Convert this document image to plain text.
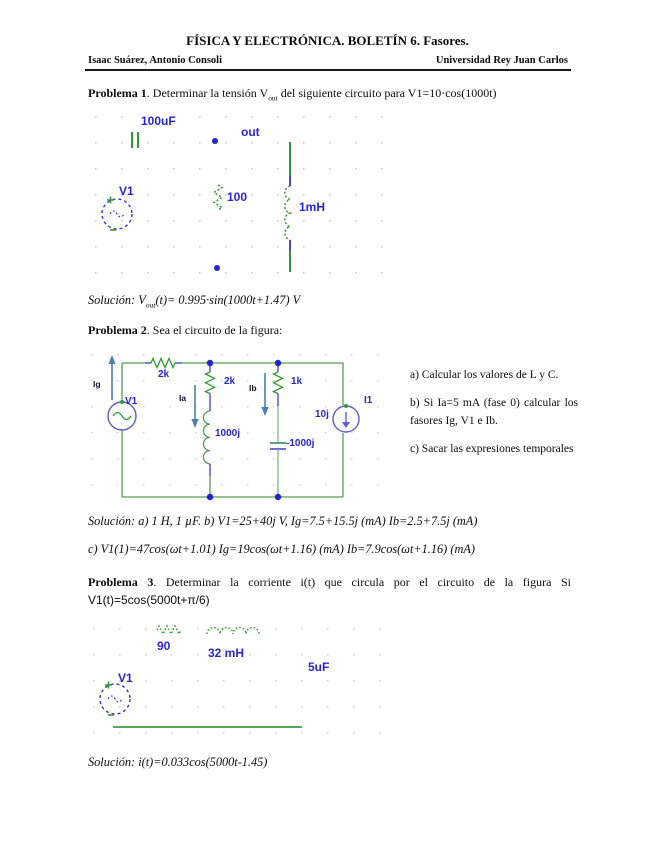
FÍSICA Y ELECTRÓNICA. BOLETÍN 6. Fasores.
Isaac Suárez, Antonio Consoli	Universidad Rey Juan Carlos

Problema 1. Determinar la tensión $V_{out}$ del siguiente circuito para V1=10·cos(1000t)

100uF
out
V1	100
1mH

Solución: $V_{out}(t)= 0.995\cdot\sin(1000t+1.47)$ V

Problema 2. Sea el circuito de la figura:

Ig
2k
V1	Ia
2k
Ib
1k
1000j
-1000j
10j
I1

a) Calcular los valores de L y C.

b) Si Ia=5 mA (fase 0) calcular los fasores Ig, V1 e Ib.

c) Sacar las expresiones temporales

Solución: a) 1 H, 1 µF. b) V1=25+40j V, Ig=7.5+15.5j (mA) Ib=2.5+7.5j (mA)

c) V1(1)=47cos(ωt+1.01) Ig=19cos(ωt+1.16) (mA) Ib=7.9cos(ωt+1.16) (mA)

Problema 3. Determinar la corriente i(t) que circula por el circuito de la figura Si
V1(t)=5cos(5000t+π/6)
90	32 mH
5uF
V1

Solución: i(t)=0.033cos(5000t-1.45)
